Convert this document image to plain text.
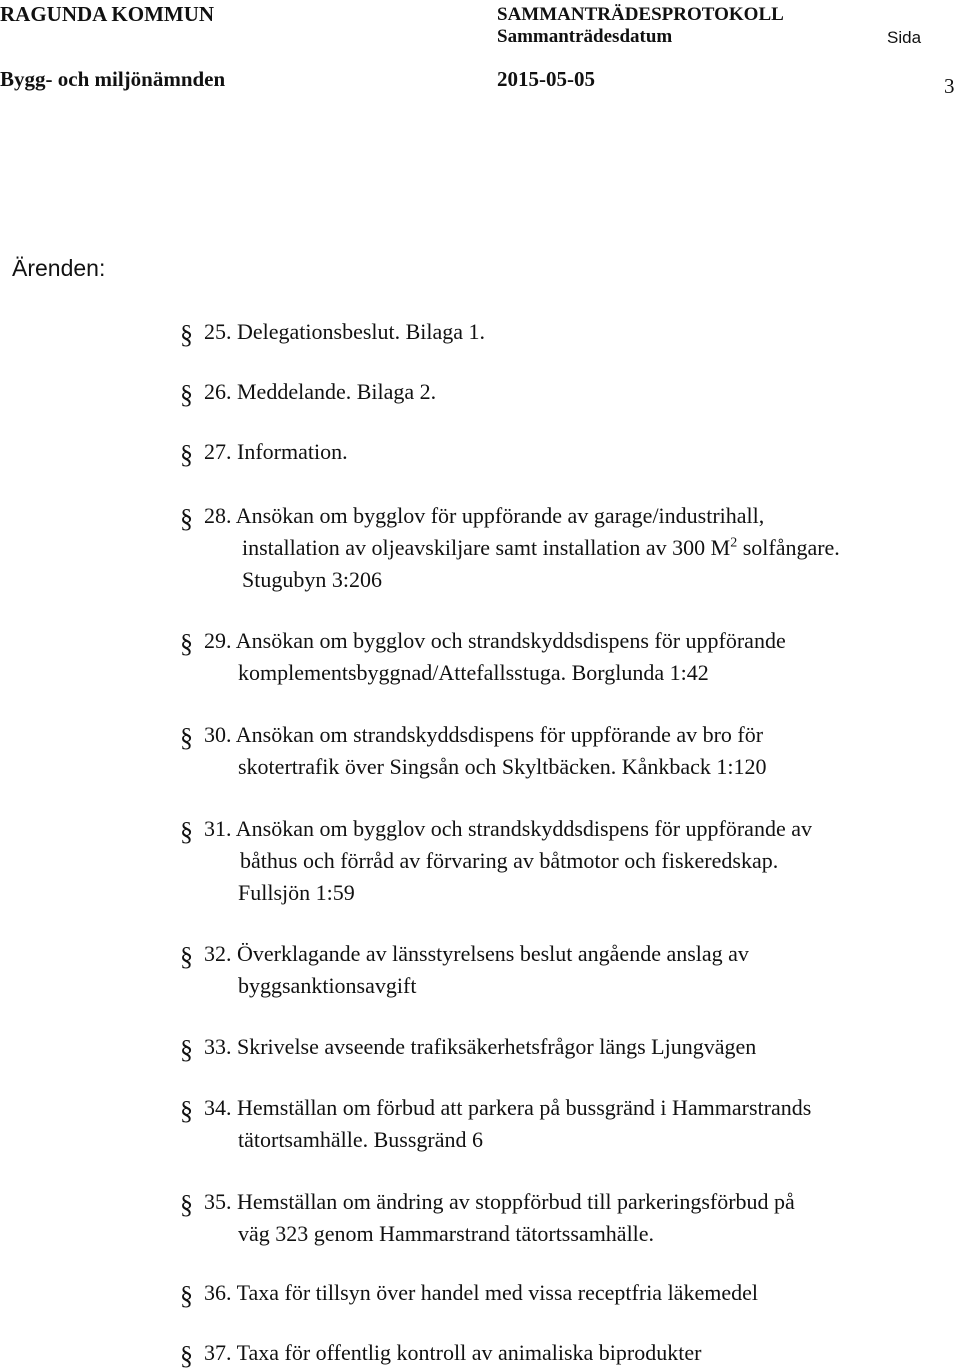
RAGUNDA KOMMUN	SAMMANTRÄDESPROTOKOLL
Sammanträdesdatum	Sida
Bygg- och miljönämnden	2015-05-05	3
Ärenden:
§ 25. Delegationsbeslut. Bilaga 1.
§ 26. Meddelande. Bilaga 2.
§ 27. Information.
§ 28. Ansökan om bygglov för uppförande av garage/industrihall,
installation av oljeavskiljare samt installation av 300 $M^2$ solfångare.
Stugubyn 3:206
§ 29. Ansökan om bygglov och strandskyddsdispens för uppförande
komplementsbyggnad/Attefallsstuga. Borglunda 1:42
§ 30. Ansökan om strandskyddsdispens för uppförande av bro för
skotertrafik över Singsån och Skyltbäcken. Kånkback 1:120
§ 31. Ansökan om bygglov och strandskyddsdispens för uppförande av
båthus och förråd av förvaring av båtmotor och fiskeredskap.
Fullsjön 1:59
§ 32. Överklagande av länsstyrelsens beslut angående anslag av
byggsanktionsavgift
§ 33. Skrivelse avseende trafiksäkerhetsfrågor längs Ljungvägen
§ 34. Hemställan om förbud att parkera på bussgränd i Hammarstrands
tätortsamhälle. Bussgränd 6
§ 35. Hemställan om ändring av stoppförbud till parkeringsförbud på
väg 323 genom Hammarstrand tätortssamhälle.
§ 36. Taxa för tillsyn över handel med vissa receptfria läkemedel
§ 37. Taxa för offentlig kontroll av animaliska biprodukter
